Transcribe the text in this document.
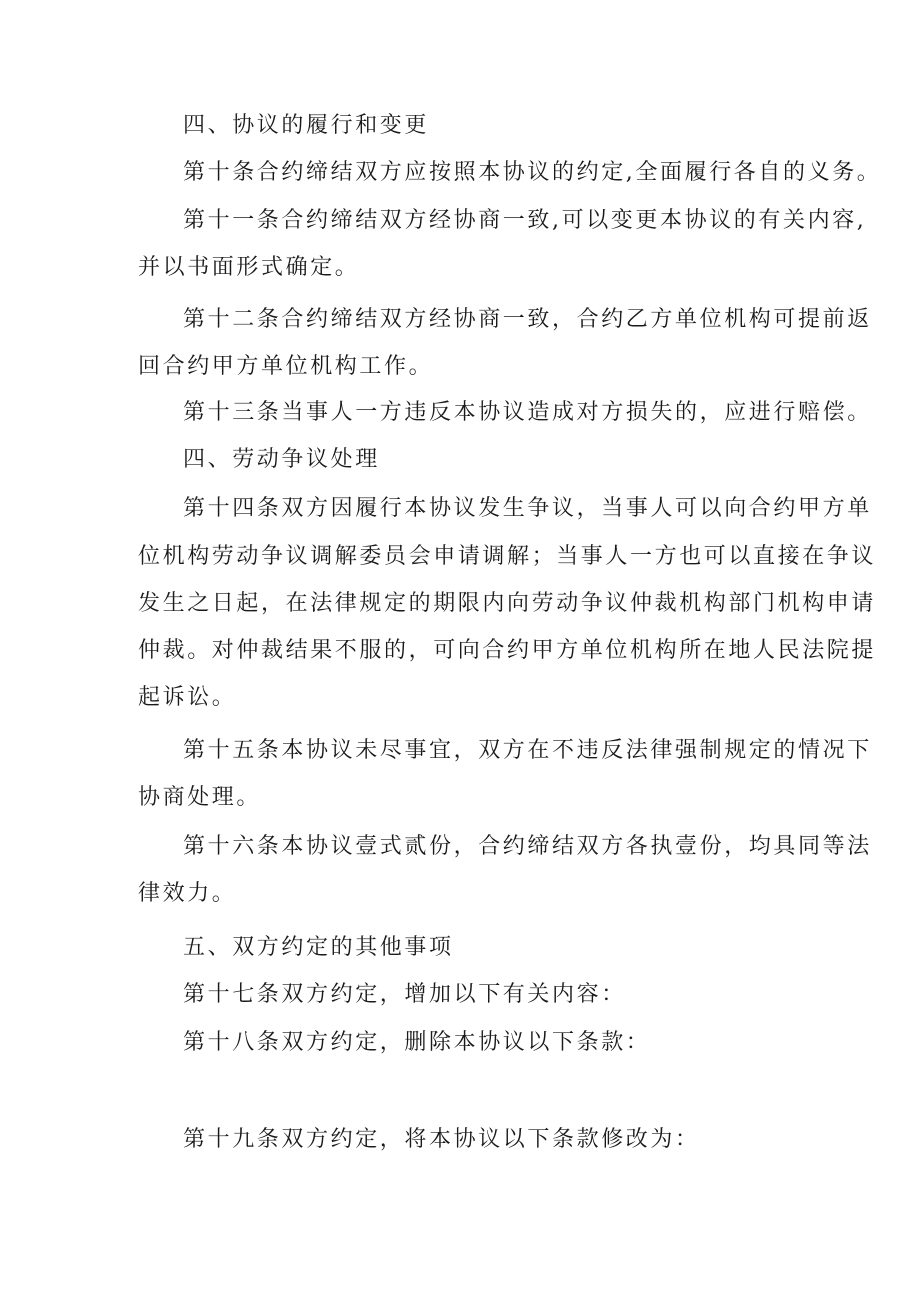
四、协议的履行和变更
第十条合约缔结双方应按照本协议的约定,全面履行各自的义务。
第十一条合约缔结双方经协商一致,可以变更本协议的有关内容,
并以书面形式确定。
第十二条合约缔结双方经协商一致，合约乙方单位机构可提前返
回合约甲方单位机构工作。
第十三条当事人一方违反本协议造成对方损失的，应进行赔偿。
四、劳动争议处理
第十四条双方因履行本协议发生争议，当事人可以向合约甲方单
位机构劳动争议调解委员会申请调解；当事人一方也可以直接在争议
发生之日起，在法律规定的期限内向劳动争议仲裁机构部门机构申请
仲裁。对仲裁结果不服的，可向合约甲方单位机构所在地人民法院提
起诉讼。
第十五条本协议未尽事宜，双方在不违反法律强制规定的情况下
协商处理。
第十六条本协议壹式贰份，合约缔结双方各执壹份，均具同等法
律效力。
五、双方约定的其他事项
第十七条双方约定，增加以下有关内容：
第十八条双方约定，删除本协议以下条款：
第十九条双方约定，将本协议以下条款修改为：
